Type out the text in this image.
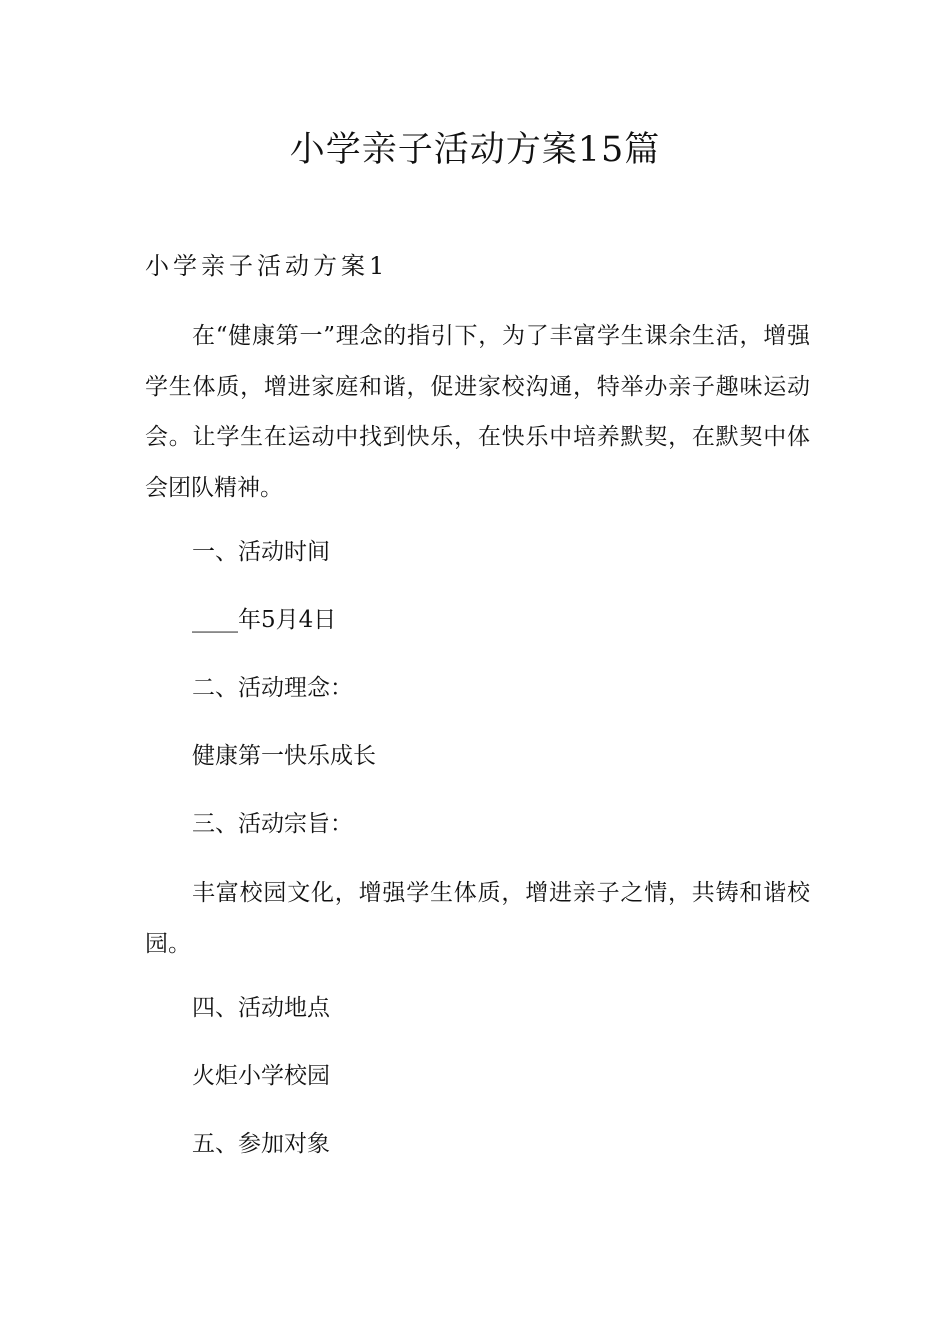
小学亲子活动方案15篇
小学亲子活动方案1

在“健康第一”理念的指引下，为了丰富学生课余生活，增强学生体质，增进家庭和谐，促进家校沟通，特举办亲子趣味运动会。让学生在运动中找到快乐，在快乐中培养默契，在默契中体会团队精神。

一、活动时间

____年5月4日

二、活动理念：

健康第一快乐成长

三、活动宗旨：

丰富校园文化，增强学生体质，增进亲子之情，共铸和谐校园。

四、活动地点

火炬小学校园

五、参加对象
